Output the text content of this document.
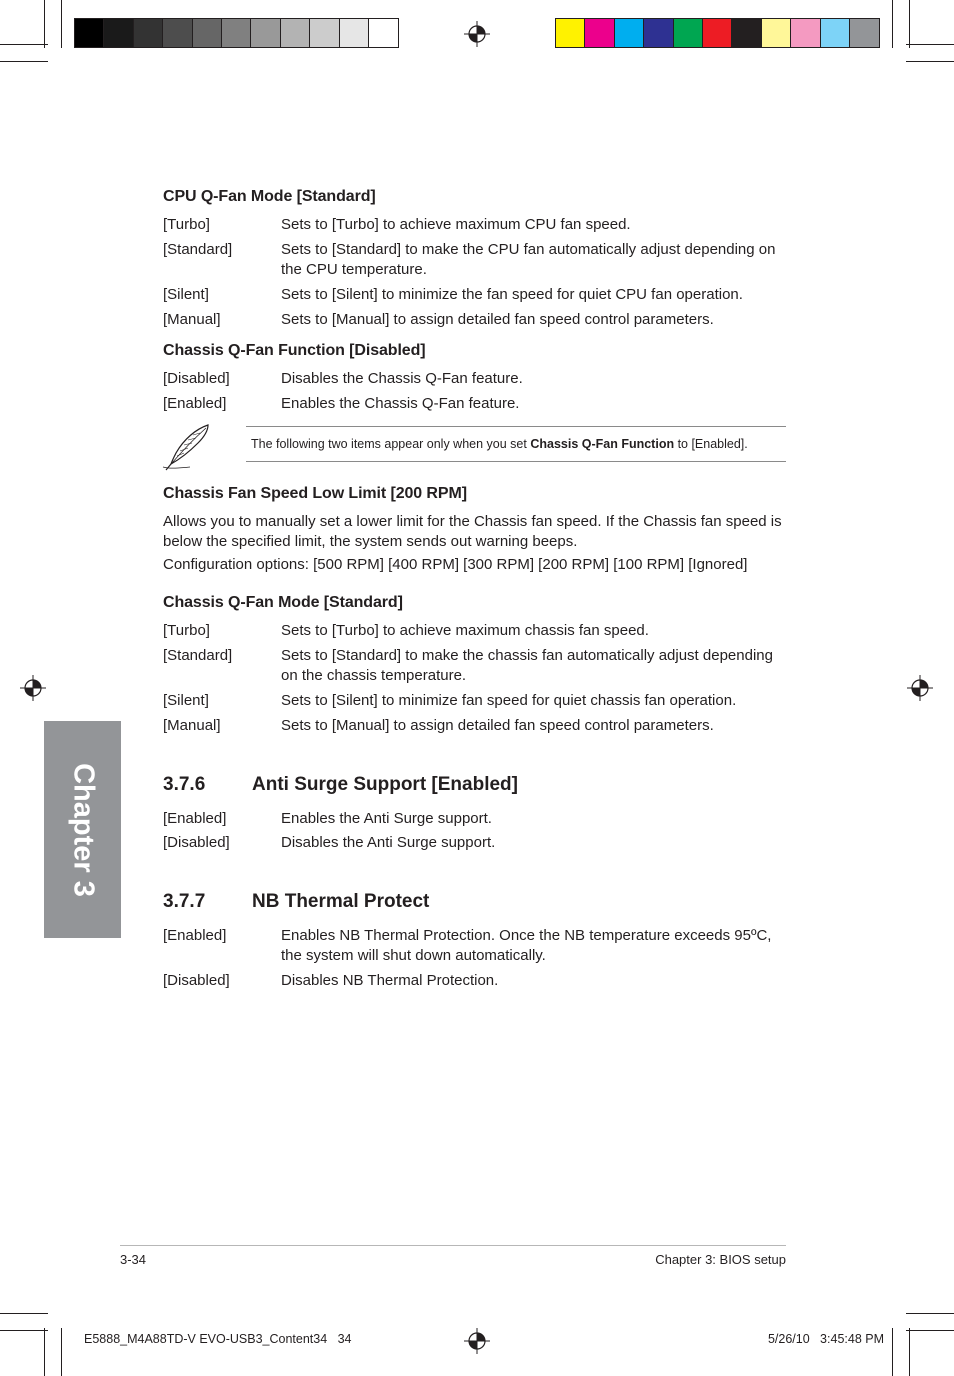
CPU Q-Fan Mode [Standard]
[Turbo]	Sets to [Turbo] to achieve maximum CPU fan speed.
[Standard]	Sets to [Standard] to make the CPU fan automatically adjust depending on the CPU temperature.
[Silent]	Sets to [Silent] to minimize the fan speed for quiet CPU fan operation.
[Manual]	Sets to [Manual] to assign detailed fan speed control parameters.
Chassis Q-Fan Function [Disabled]
[Disabled]	Disables the Chassis Q-Fan feature.
[Enabled]	Enables the Chassis Q-Fan feature.
The following two items appear only when you set Chassis Q-Fan Function to [Enabled].
Chassis Fan Speed Low Limit [200 RPM]
Allows you to manually set a lower limit for the Chassis fan speed. If the Chassis fan speed is below the specified limit, the system sends out warning beeps.
Configuration options: [500 RPM] [400 RPM] [300 RPM] [200 RPM] [100 RPM] [Ignored]
Chassis Q-Fan Mode [Standard]
[Turbo]	Sets to [Turbo] to achieve maximum chassis fan speed.
[Standard]	Sets to [Standard] to make the chassis fan automatically adjust depending on the chassis temperature.
[Silent]	Sets to [Silent] to minimize fan speed for quiet chassis fan operation.
[Manual]	Sets to [Manual] to assign detailed fan speed control parameters.
3.7.6 Anti Surge Support [Enabled]
[Enabled]	Enables the Anti Surge support.
[Disabled]	Disables the Anti Surge support.
3.7.7 NB Thermal Protect
[Enabled]	Enables NB Thermal Protection. Once the NB temperature exceeds 95ºC, the system will shut down automatically.
[Disabled]	Disables NB Thermal Protection.
Chapter 3
3-34	Chapter 3: BIOS setup
E5888_M4A88TD-V EVO-USB3_Content34   34	5/26/10   3:45:48 PM
